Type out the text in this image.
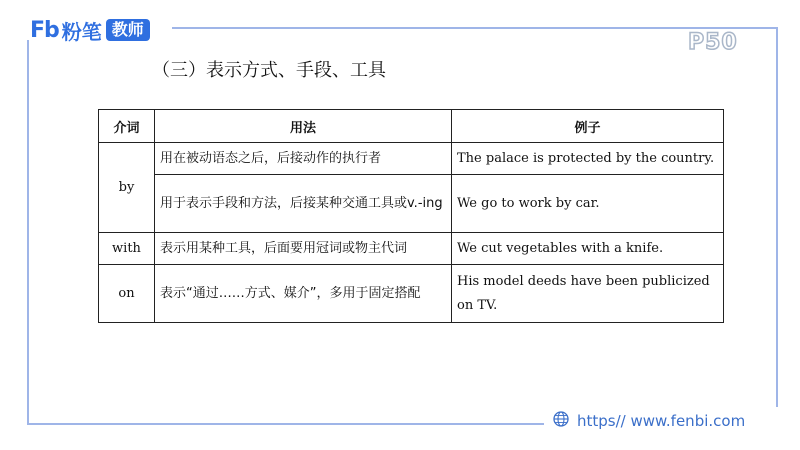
Fb 粉笔 教师
P50
（三）表示方式、手段、工具
介词	用法	例子
by	用在被动语态之后，后接动作的执行者	The palace is protected by the country.
	用于表示手段和方法，后接某种交通工具或v.-ing	We go to work by car.
with	表示用某种工具，后面要用冠词或物主代词	We cut vegetables with a knife.
on	表示“通过……方式、媒介”，多用于固定搭配	His model deeds have been publicized on TV.
https// www.fenbi.com
